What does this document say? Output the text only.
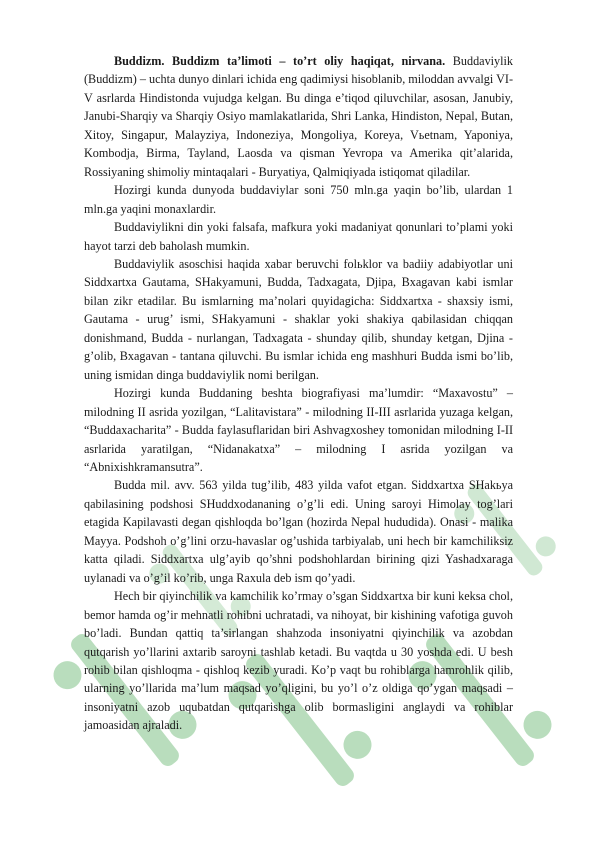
Buddizm. Buddizm ta’limoti – to’rt oliy haqiqat, nirvana. Buddaviylik (Buddizm) – uchta dunyo dinlari ichida eng qadimiysi hisoblanib, miloddan avvalgi VI-V asrlarda Hindistonda vujudga kelgan. Bu dinga e’tiqod qiluvchilar, asosan, Janubiy, Janubi-Sharqiy va Sharqiy Osiyo mamlakatlarida, Shri Lanka, Hindiston, Nepal, Butan, Xitoy, Singapur, Malayziya, Indoneziya, Mongoliya, Koreya, Vьetnam, Yaponiya, Kombodja, Birma, Tayland, Laosda va qisman Yevropa va Amerika qit’alarida, Rossiyaning shimoliy mintaqalari - Buryatiya, Qalmiqiyada istiqomat qiladilar.

Hozirgi kunda dunyoda buddaviylar soni 750 mln.ga yaqin bo’lib, ulardan 1 mln.ga yaqini monaxlardir.

Buddaviylikni din yoki falsafa, mafkura yoki madaniyat qonunlari to’plami yoki hayot tarzi deb baholash mumkin.

Buddaviylik asoschisi haqida xabar beruvchi folьklor va badiiy adabiyotlar uni Siddxartxa Gautama, SHakyamuni, Budda, Tadxagata, Djipa, Bxagavan kabi ismlar bilan zikr etadilar. Bu ismlarning ma’nolari quyidagicha: Siddxartxa - shaxsiy ismi, Gautama - urug’ ismi, SHakyamuni - shaklar yoki shakiya qabilasidan chiqqan donishmand, Budda - nurlangan, Tadxagata - shunday qilib, shunday ketgan, Djina - g’olib, Bxagavan - tantana qiluvchi. Bu ismlar ichida eng mashhuri Budda ismi bo’lib, uning ismidan dinga buddaviylik nomi berilgan.

Hozirgi kunda Buddaning beshta biografiyasi ma’lumdir: “Maxavostu” – milodning II asrida yozilgan, “Lalitavistara” - milodning II-III asrlarida yuzaga kelgan, “Buddaxacharita” - Budda faylasuflaridan biri Ashvagxoshey tomonidan milodning I-II asrlarida yaratilgan, “Nidanakatxa” – milodning I asrida yozilgan va “Abnixishkramansutra”.

Budda mil. avv. 563 yilda tug’ilib, 483 yilda vafot etgan. Siddxartxa SHakьya qabilasining podshosi SHuddxodananing o’g’li edi. Uning saroyi Himolay tog’lari etagida Kapilavasti degan qishloqda bo’lgan (hozirda Nepal hududida). Onasi - malika Mayya. Podshoh o’g’lini orzu-havaslar og’ushida tarbiyalab, uni hech bir kamchiliksiz katta qiladi. Siddxartxa ulg’ayib qo’shni podshohlardan birining qizi Yashadxaraga uylanadi va o’g’il ko’rib, unga Raxula deb ism qo’yadi.

Hech bir qiyinchilik va kamchilik ko’rmay o’sgan Siddxartxa bir kuni keksa chol, bemor hamda og’ir mehnatli rohibni uchratadi, va nihoyat, bir kishining vafotiga guvoh bo’ladi. Bundan qattiq ta’sirlangan shahzoda insoniyatni qiyinchilik va azobdan qutqarish yo’llarini axtarib saroyni tashlab ketadi. Bu vaqtda u 30 yoshda edi. U besh rohib bilan qishloqma - qishloq kezib yuradi. Ko’p vaqt bu rohiblarga hamrohlik qilib, ularning yo’llarida ma’lum maqsad yo’qligini, bu yo’l o’z oldiga qo’ygan maqsadi – insoniyatni azob uqubatdan qutqarishga olib bormasligini anglaydi va rohiblar jamoasidan ajraladi.
